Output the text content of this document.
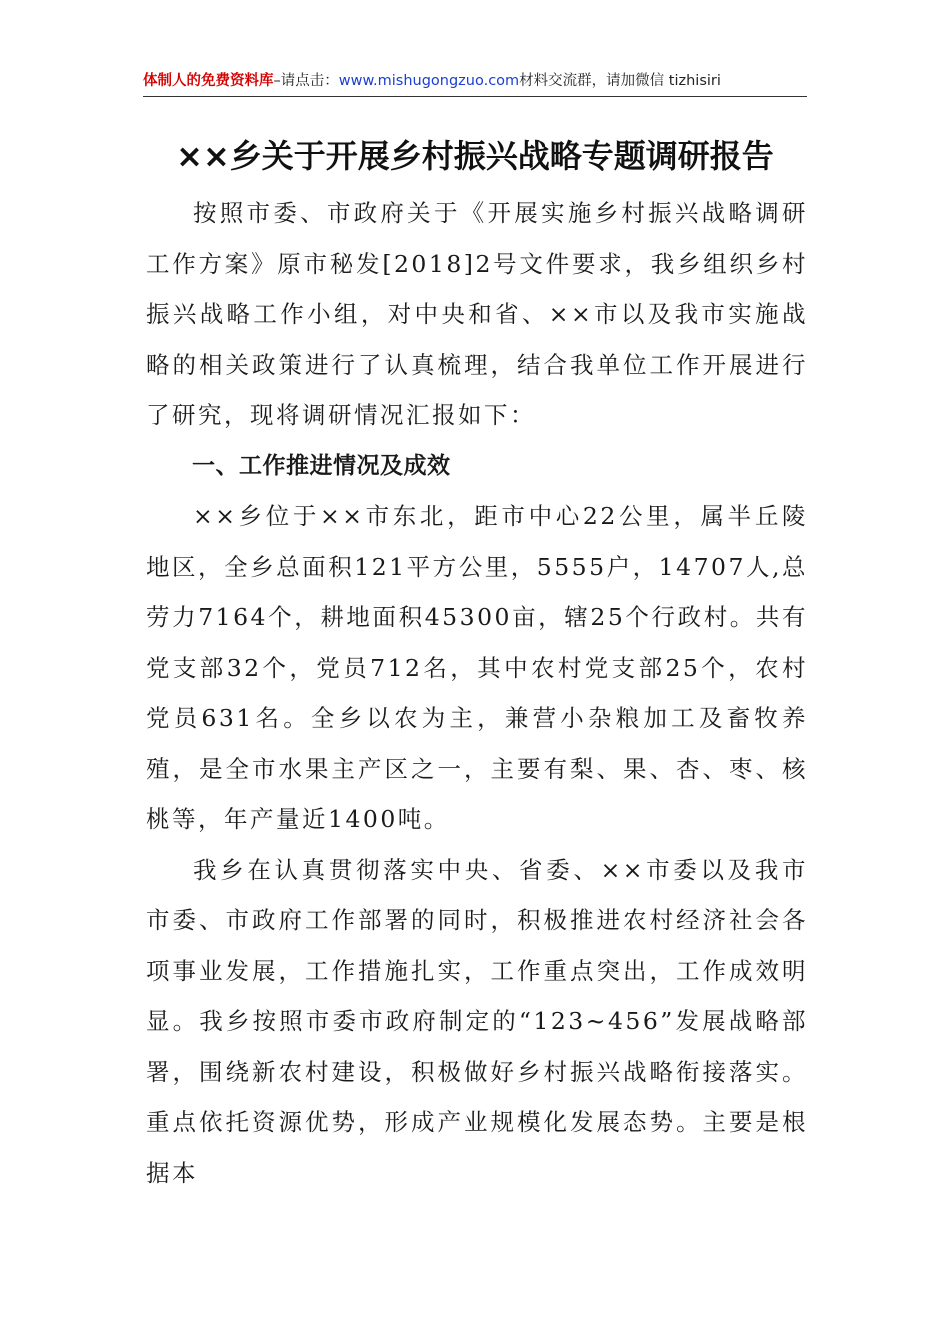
体制人的免费资料库–请点击：www.mishugongzuo.com材料交流群，请加微信 tizhisiri
××乡关于开展乡村振兴战略专题调研报告

按照市委、市政府关于《开展实施乡村振兴战略调研工作方案》原市秘发[2018]2号文件要求，我乡组织乡村振兴战略工作小组，对中央和省、××市以及我市实施战略的相关政策进行了认真梳理，结合我单位工作开展进行了研究，现将调研情况汇报如下：

一、工作推进情况及成效

××乡位于××市东北，距市中心22公里，属半丘陵地区，全乡总面积121平方公里，5555户，14707人,总劳力7164个，耕地面积45300亩，辖25个行政村。共有党支部32个，党员712名，其中农村党支部25个，农村党员631名。全乡以农为主，兼营小杂粮加工及畜牧养殖，是全市水果主产区之一，主要有梨、果、杏、枣、核桃等，年产量近1400吨。

我乡在认真贯彻落实中央、省委、××市委以及我市市委、市政府工作部署的同时，积极推进农村经济社会各项事业发展，工作措施扎实，工作重点突出，工作成效明显。我乡按照市委市政府制定的“123~456”发展战略部署，围绕新农村建设，积极做好乡村振兴战略衔接落实。重点依托资源优势，形成产业规模化发展态势。主要是根据本
